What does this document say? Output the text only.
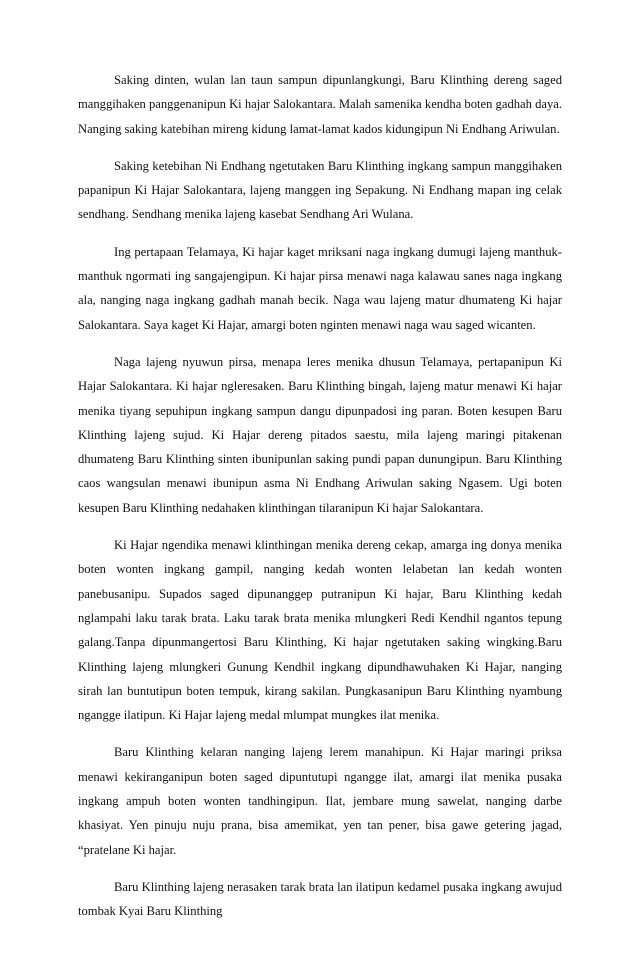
Saking dinten, wulan lan taun sampun dipunlangkungi, Baru Klinthing dereng saged manggihaken panggenanipun Ki hajar Salokantara. Malah samenika kendha boten gadhah daya. Nanging saking katebihan mireng kidung lamat-lamat kados kidungipun Ni Endhang Ariwulan.

Saking ketebihan Ni Endhang ngetutaken Baru Klinthing ingkang sampun manggihaken papanipun Ki Hajar Salokantara, lajeng manggen ing Sepakung. Ni Endhang mapan ing celak sendhang. Sendhang menika lajeng kasebat Sendhang Ari Wulana.

Ing pertapaan Telamaya, Ki hajar kaget mriksani naga ingkang dumugi lajeng manthuk-manthuk ngormati ing sangajengipun. Ki hajar pirsa menawi naga kalawau sanes naga ingkang ala, nanging naga ingkang gadhah manah becik. Naga wau lajeng matur dhumateng Ki hajar Salokantara. Saya kaget Ki Hajar, amargi boten nginten menawi naga wau saged wicanten.

Naga lajeng nyuwun pirsa, menapa leres menika dhusun Telamaya, pertapanipun Ki Hajar Salokantara. Ki hajar ngleresaken. Baru Klinthing bingah, lajeng matur menawi Ki hajar menika tiyang sepuhipun ingkang sampun dangu dipunpadosi ing paran. Boten kesupen Baru Klinthing lajeng sujud. Ki Hajar dereng pitados saestu, mila lajeng maringi pitakenan dhumateng Baru Klinthing sinten ibunipunlan saking pundi papan dunungipun. Baru Klinthing caos wangsulan menawi ibunipun asma Ni Endhang Ariwulan saking Ngasem. Ugi boten kesupen Baru Klinthing nedahaken klinthingan tilaranipun Ki hajar Salokantara.

Ki Hajar ngendika menawi klinthingan menika dereng cekap, amarga ing donya menika boten wonten ingkang gampil, nanging kedah wonten lelabetan lan kedah wonten panebusanipu. Supados saged dipunanggep putranipun Ki hajar, Baru Klinthing kedah nglampahi laku tarak brata. Laku tarak brata menika mlungkeri Redi Kendhil ngantos tepung galang.Tanpa dipunmangertosi Baru Klinthing, Ki hajar ngetutaken saking wingking.Baru Klinthing lajeng mlungkeri Gunung Kendhil ingkang dipundhawuhaken Ki Hajar, nanging sirah lan buntutipun boten tempuk, kirang sakilan. Pungkasanipun Baru Klinthing nyambung ngangge ilatipun. Ki Hajar lajeng medal mlumpat mungkes ilat menika.

Baru Klinthing kelaran nanging lajeng lerem manahipun. Ki Hajar maringi priksa menawi kekiranganipun boten saged dipuntutupi ngangge ilat, amargi ilat menika pusaka ingkang ampuh boten wonten tandhingipun. Ilat, jembare mung sawelat, nanging darbe khasiyat. Yen pinuju nuju prana, bisa amemikat, yen tan pener, bisa gawe getering jagad, “pratelane Ki hajar.

Baru Klinthing lajeng nerasaken tarak brata lan ilatipun kedamel pusaka ingkang awujud tombak Kyai Baru Klinthing
